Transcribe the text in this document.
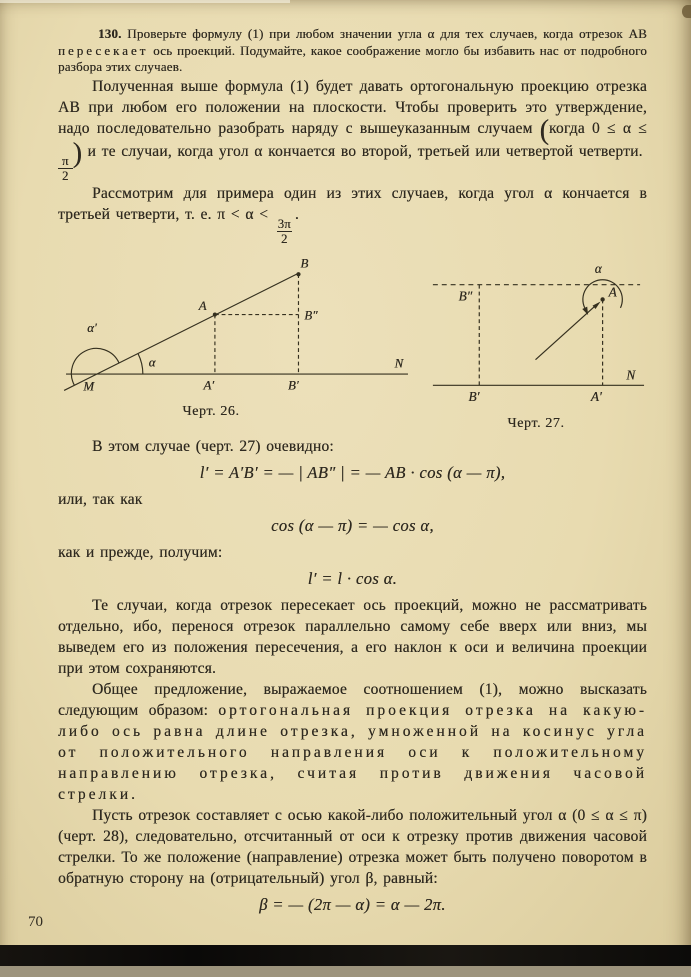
130. Проверьте формулу (1) при любом значении угла α для тех случаев, когда отрезок AB пересекает ось проекций. Подумайте, какое соображение могло бы избавить нас от подробного разбора этих случаев.

Полученная выше формула (1) будет давать ортогональную проекцию отрезка AB при любом его положении на плоскости. Чтобы проверить это утверждение, надо последовательно разобрать наряду с вышеуказанным случаем (когда 0 ≤ α ≤
$\frac{\pi}{2}$
) и те случаи, когда угол α кончается во второй, третьей или четвертой четверти.

Рассмотрим для примера один из этих случаев, когда угол α кончается в третьей четверти, т. е. π < α <
$\frac{3\pi}{2}$
.

B
A
B″
α′
α
M	A′	B′
N
Черт. 26.
B″
α
A
B′	A′
N
Черт. 27.

В этом случае (черт. 27) очевидно:

l′ = A′B′ = — | AB″ | = — AB · cos (α — π),

или, так как

cos (α — π) = — cos α,

как и прежде, получим:

l′ = l · cos α.

Те случаи, когда отрезок пересекает ось проекций, можно не рассматривать отдельно, ибо, перенося отрезок параллельно самому себе вверх или вниз, мы выведем его из положения пересечения, а его наклон к оси и величина проекции при этом сохраняются.

Общее предложение, выражаемое соотношением (1), можно высказать следующим образом: ортогональная проекция отрезка на какую-либо ось равна длине отрезка, умноженной на косинус угла от положительного направления оси к положительному направлению отрезка, считая против движения часовой стрелки.

Пусть отрезок составляет с осью какой-либо положительный угол α (0 ≤ α ≤ π) (черт. 28), следовательно, отсчитанный от оси к отрезку против движения часовой стрелки. То же положение (направление) отрезка может быть получено поворотом в обратную сторону на (отрицательный) угол β, равный:

β = — (2π — α) = α — 2π.
70
